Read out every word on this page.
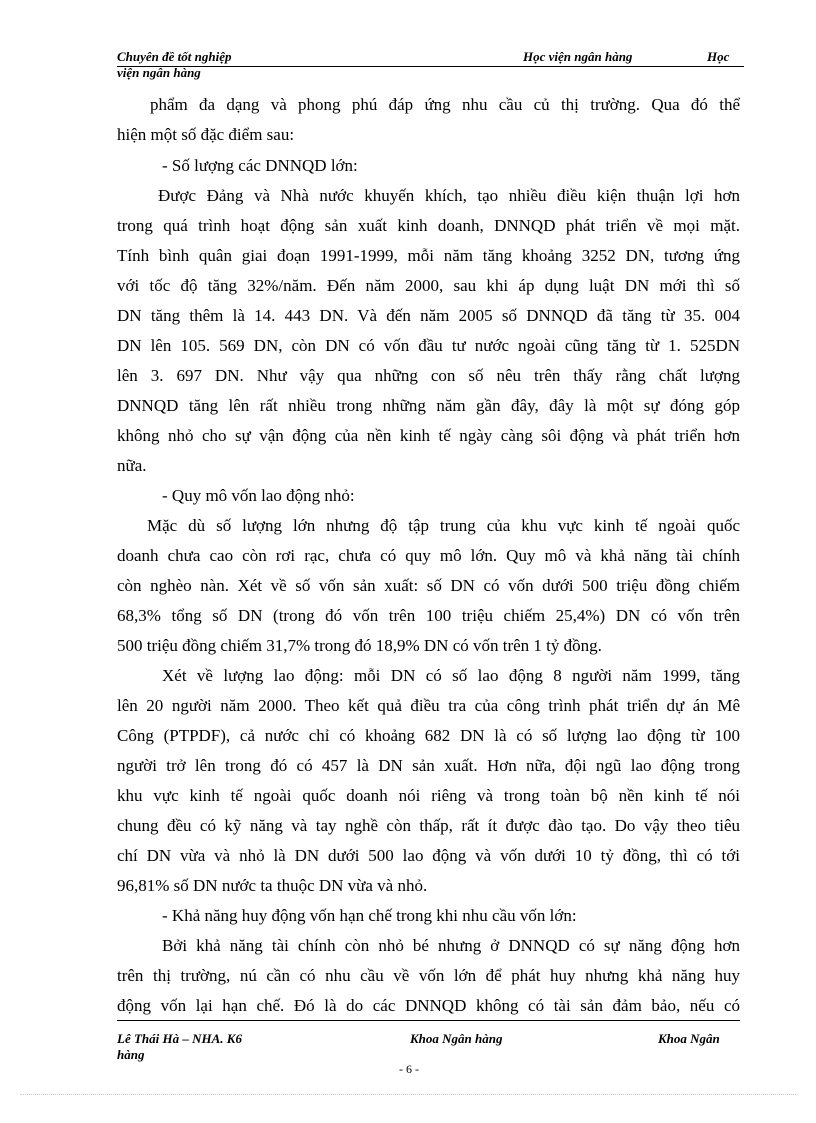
Chuyên đề tốt nghiệp	Học viện ngân hàng	Học
viện ngân hàng
phẩm đa dạng và phong phú đáp ứng nhu cầu củ thị trường. Qua đó thể
hiện một số đặc điểm sau:
- Số lượng các DNNQD lớn:
Được Đảng và Nhà nước khuyến khích, tạo nhiều điều kiện thuận lợi hơn
trong quá trình hoạt động sản xuất kinh doanh, DNNQD phát triển về mọi mặt.
Tính bình quân giai đoạn 1991-1999, mỗi năm tăng khoảng 3252 DN, tương ứng
với tốc độ tăng 32%/năm. Đến năm 2000, sau khi áp dụng luật DN mới thì số
DN tăng thêm là 14. 443 DN. Và đến năm 2005 số DNNQD đã tăng từ 35. 004
DN lên 105. 569 DN, còn DN có vốn đầu tư nước ngoài cũng tăng từ 1. 525DN
lên 3. 697 DN. Như vậy qua những con số nêu trên thấy rằng chất lượng
DNNQD tăng lên rất nhiều trong những năm gần đây, đây là một sự đóng góp
không nhỏ cho sự vận động của nền kinh tế ngày càng sôi động và phát triển hơn
nữa.
- Quy mô vốn lao động nhỏ:
Mặc dù số lượng lớn nhưng độ tập trung của khu vực kinh tế ngoài quốc
doanh chưa cao còn rơi rạc, chưa có quy mô lớn. Quy mô và khả năng tài chính
còn nghèo nàn. Xét về số vốn sản xuất: số DN có vốn dưới 500 triệu đồng chiếm
68,3% tổng số DN (trong đó vốn trên 100 triệu chiếm 25,4%) DN có vốn trên
500 triệu đồng chiếm 31,7% trong đó 18,9% DN có vốn trên 1 tỷ đồng.
Xét về lượng lao động: mỗi DN có số lao động 8 người năm 1999, tăng
lên 20 người năm 2000. Theo kết quả điều tra của công trình phát triển dự án Mê
Công (PTPDF), cả nước chỉ có khoảng 682 DN là có số lượng lao động từ 100
người trở lên trong đó có 457 là DN sản xuất. Hơn nữa, đội ngũ lao động trong
khu vực kinh tế ngoài quốc doanh nói riêng và trong toàn bộ nền kinh tế nói
chung đều có kỹ năng và tay nghề còn thấp, rất ít được đào tạo. Do vậy theo tiêu
chí DN vừa và nhỏ là DN dưới 500 lao động và vốn dưới 10 tỷ đồng, thì có tới
96,81% số DN nước ta thuộc DN vừa và nhỏ.
- Khả năng huy động vốn hạn chế trong khi nhu cầu vốn lớn:
Bởi khả năng tài chính còn nhỏ bé nhưng ở DNNQD có sự năng động hơn
trên thị trường, nú cần có nhu cầu về vốn lớn để phát huy nhưng khả năng huy
động vốn lại hạn chế. Đó là do các DNNQD không có tài sản đảm bảo, nếu có
Lê Thái Hà – NHA. K6	Khoa Ngân hàng	Khoa Ngân
hàng
- 6 -
